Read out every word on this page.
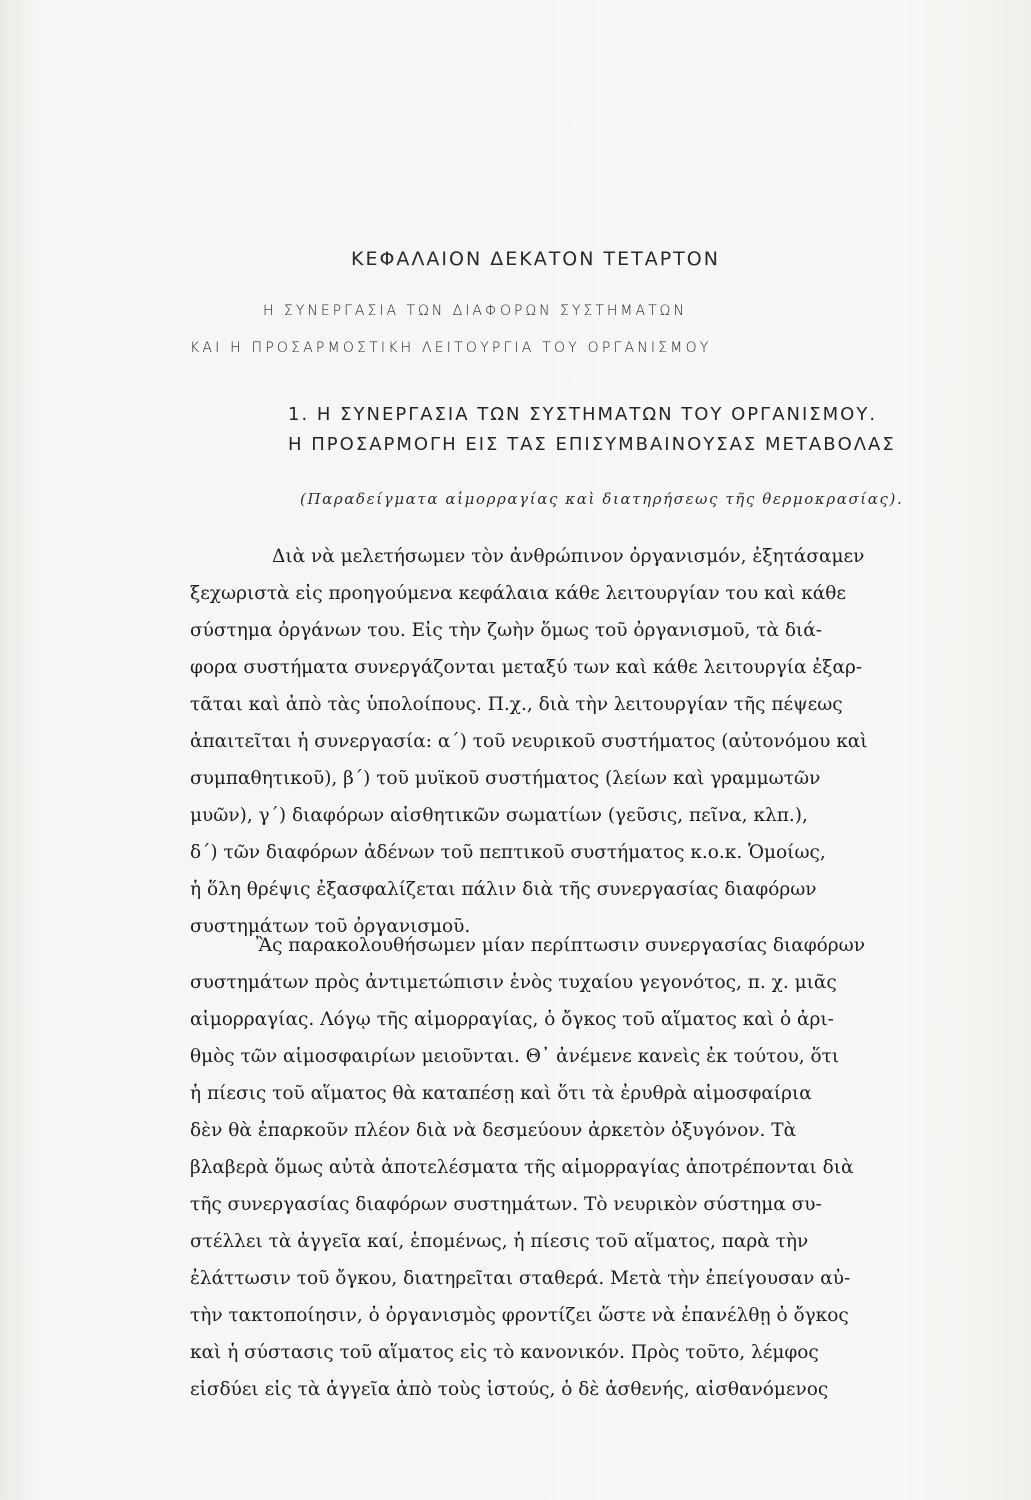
ΚΕΦΑΛΑΙΟΝ ΔΕΚΑΤΟΝ ΤΕΤΑΡΤΟΝ
Η ΣΥΝΕΡΓΑΣΙΑ ΤΩΝ ΔΙΑΦΟΡΩΝ ΣΥΣΤΗΜΑΤΩΝ
ΚΑΙ Η ΠΡΟΣΑΡΜΟΣΤΙΚΗ ΛΕΙΤΟΥΡΓΙΑ ΤΟΥ ΟΡΓΑΝΙΣΜΟΥ
1. Η ΣΥΝΕΡΓΑΣΙΑ ΤΩΝ ΣΥΣΤΗΜΑΤΩΝ ΤΟΥ ΟΡΓΑΝΙΣΜΟΥ.
Η ΠΡΟΣΑΡΜΟΓΗ ΕΙΣ ΤΑΣ ΕΠΙΣΥΜΒΑΙΝΟΥΣΑΣ ΜΕΤΑΒΟΛΑΣ
(Παραδείγματα αἱμορραγίας καὶ διατηρήσεως τῆς θερμοκρασίας).
Διὰ νὰ μελετήσωμεν τὸν ἀνθρώπινον ὀργανισμόν, ἐξητάσαμεν
ξεχωριστὰ εἰς προηγούμενα κεφάλαια κάθε λειτουργίαν του καὶ κάθε
σύστημα ὀργάνων του. Εἰς τὴν ζωὴν ὅμως τοῦ ὀργανισμοῦ, τὰ διά-
φορα συστήματα συνεργάζονται μεταξύ των καὶ κάθε λειτουργία ἐξαρ-
τᾶται καὶ ἀπὸ τὰς ὑπολοίπους. Π.χ., διὰ τὴν λειτουργίαν τῆς πέψεως
ἀπαιτεῖται ἡ συνεργασία: α΄) τοῦ νευρικοῦ συστήματος (αὐτονόμου καὶ
συμπαθητικοῦ), β΄) τοῦ μυϊκοῦ συστήματος (λείων καὶ γραμμωτῶν
μυῶν), γ΄) διαφόρων αἰσθητικῶν σωματίων (γεῦσις, πεῖνα, κλπ.),
δ΄) τῶν διαφόρων ἀδένων τοῦ πεπτικοῦ συστήματος κ.ο.κ. Ὁμοίως,
ἡ ὅλη θρέψις ἐξασφαλίζεται πάλιν διὰ τῆς συνεργασίας διαφόρων
συστημάτων τοῦ ὀργανισμοῦ.
Ἂς παρακολουθήσωμεν μίαν περίπτωσιν συνεργασίας διαφόρων
συστημάτων πρὸς ἀντιμετώπισιν ἑνὸς τυχαίου γεγονότος, π. χ. μιᾶς
αἱμορραγίας. Λόγῳ τῆς αἱμορραγίας, ὁ ὄγκος τοῦ αἵματος καὶ ὁ ἀρι-
θμὸς τῶν αἱμοσφαιρίων μειοῦνται. Θ᾽ ἀνέμενε κανεὶς ἐκ τούτου, ὅτι
ἡ πίεσις τοῦ αἵματος θὰ καταπέσῃ καὶ ὅτι τὰ ἐρυθρὰ αἱμοσφαίρια
δὲν θὰ ἐπαρκοῦν πλέον διὰ νὰ δεσμεύουν ἀρκετὸν ὀξυγόνον. Τὰ
βλαβερὰ ὅμως αὐτὰ ἀποτελέσματα τῆς αἱμορραγίας ἀποτρέπονται διὰ
τῆς συνεργασίας διαφόρων συστημάτων. Τὸ νευρικὸν σύστημα συ-
στέλλει τὰ ἀγγεῖα καί, ἑπομένως, ἡ πίεσις τοῦ αἵματος, παρὰ τὴν
ἐλάττωσιν τοῦ ὄγκου, διατηρεῖται σταθερά. Μετὰ τὴν ἐπείγουσαν αὐ-
τὴν τακτοποίησιν, ὁ ὀργανισμὸς φροντίζει ὥστε νὰ ἐπανέλθῃ ὁ ὄγκος
καὶ ἡ σύστασις τοῦ αἵματος εἰς τὸ κανονικόν. Πρὸς τοῦτο, λέμφος
εἰσδύει εἰς τὰ ἀγγεῖα ἀπὸ τοὺς ἱστούς, ὁ δὲ ἀσθενής, αἰσθανόμενος
